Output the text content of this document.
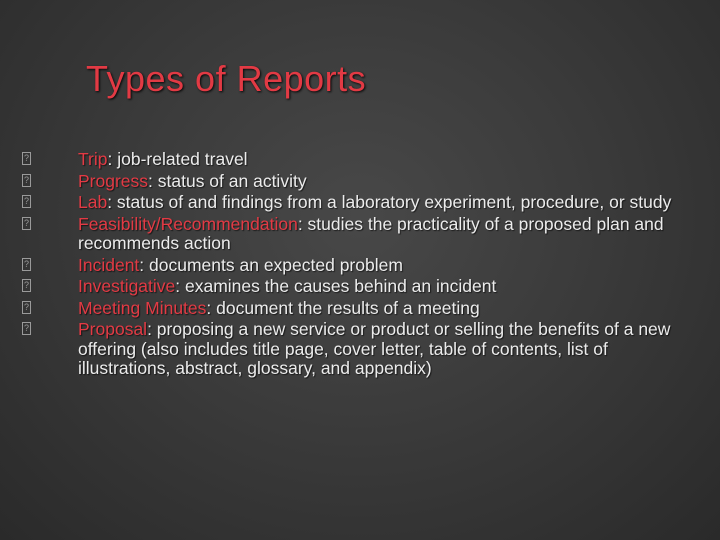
Types of Reports
?	Trip: job-related travel
?	Progress: status of an activity
?	Lab: status of and findings from a laboratory experiment, procedure, or study
?	Feasibility/Recommendation: studies the practicality of a proposed plan and recommends action
?	Incident: documents an expected problem
?	Investigative: examines the causes behind an incident
?	Meeting Minutes: document the results of a meeting
?	Proposal: proposing a new service or product or selling the benefits of a new offering (also includes title page, cover letter, table of contents, list of illustrations, abstract, glossary, and appendix)
